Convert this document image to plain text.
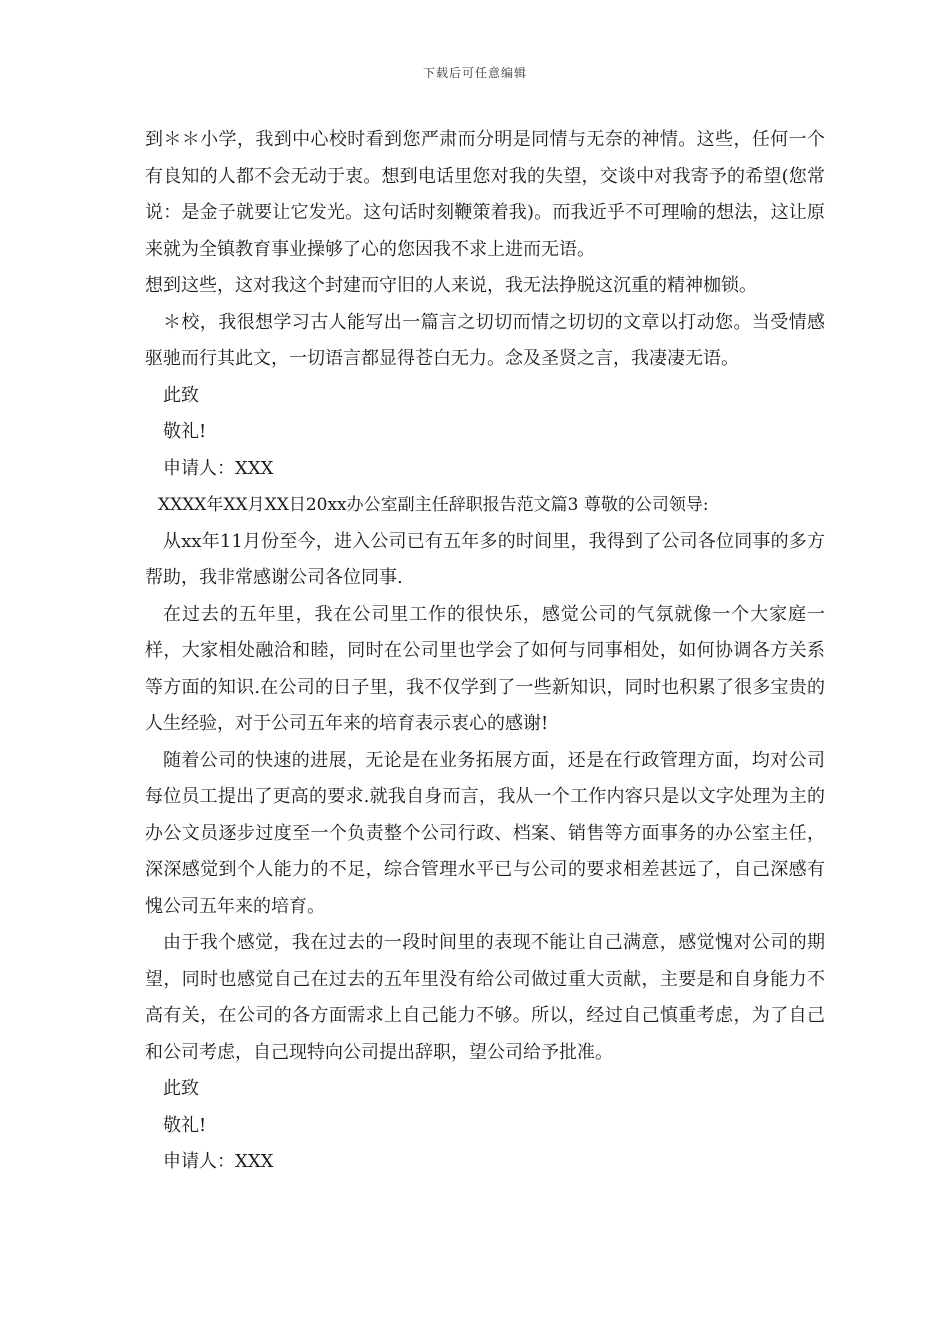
下载后可任意编辑

到＊＊小学，我到中心校时看到您严肃而分明是同情与无奈的神情。这些，任何一个有良知的人都不会无动于衷。想到电话里您对我的失望，交谈中对我寄予的希望(您常说：是金子就要让它发光。这句话时刻鞭策着我)。而我近乎不可理喻的想法，这让原来就为全镇教育事业操够了心的您因我不求上进而无语。

想到这些，这对我这个封建而守旧的人来说，我无法挣脱这沉重的精神枷锁。

＊校，我很想学习古人能写出一篇言之切切而情之切切的文章以打动您。当受情感驱驰而行其此文，一切语言都显得苍白无力。念及圣贤之言，我凄凄无语。

此致

敬礼!

申请人：XXX

XXXX年XX月XX日20xx办公室副主任辞职报告范文篇3 尊敬的公司领导:

从xx年11月份至今，进入公司已有五年多的时间里，我得到了公司各位同事的多方帮助，我非常感谢公司各位同事.

在过去的五年里，我在公司里工作的很快乐，感觉公司的气氛就像一个大家庭一样，大家相处融洽和睦，同时在公司里也学会了如何与同事相处，如何协调各方关系等方面的知识.在公司的日子里，我不仅学到了一些新知识，同时也积累了很多宝贵的人生经验，对于公司五年来的培育表示衷心的感谢!

随着公司的快速的进展，无论是在业务拓展方面，还是在行政管理方面，均对公司每位员工提出了更高的要求.就我自身而言，我从一个工作内容只是以文字处理为主的办公文员逐步过度至一个负责整个公司行政、档案、销售等方面事务的办公室主任，深深感觉到个人能力的不足，综合管理水平已与公司的要求相差甚远了，自己深感有愧公司五年来的培育。

由于我个感觉，我在过去的一段时间里的表现不能让自己满意，感觉愧对公司的期望，同时也感觉自己在过去的五年里没有给公司做过重大贡献，主要是和自身能力不高有关，在公司的各方面需求上自己能力不够。所以，经过自己慎重考虑，为了自己和公司考虑，自己现特向公司提出辞职，望公司给予批准。

此致

敬礼!

申请人：XXX
